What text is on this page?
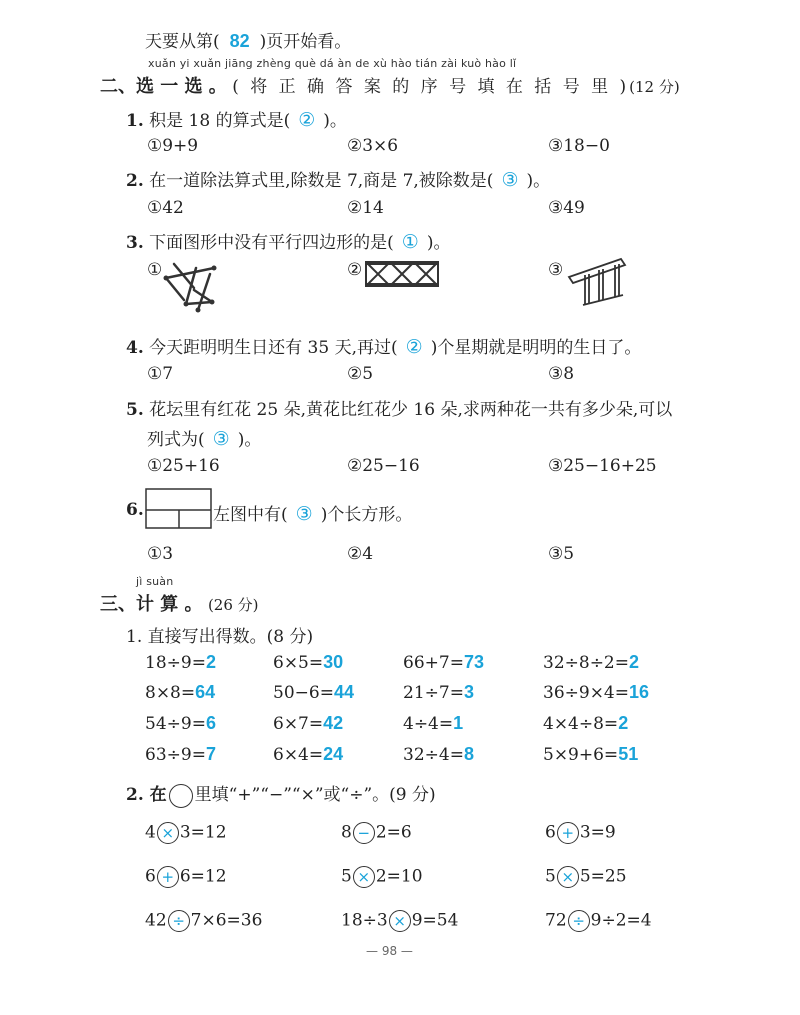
天要从第( 82 )页开始看。
xuǎn yi xuǎn jiāng zhèng què dá àn de xù hào tián zài kuò hào lǐ
二、选 一 选 。 ( 将 正 确 答 案 的 序 号 填 在 括 号 里 )(12 分)
1. 积是 18 的算式是( ② )。
①9+9	②3×6	③18−0
2. 在一道除法算式里,除数是 7,商是 7,被除数是( ③ )。
①42	②14	③49
3. 下面图形中没有平行四边形的是( ① )。
①	②	③
4. 今天距明明生日还有 35 天,再过( ② )个星期就是明明的生日了。
①7	②5	③8
5. 花坛里有红花 25 朵,黄花比红花少 16 朵,求两种花一共有多少朵,可以
列式为( ③ )。
①25+16	②25−16	③25−16+25
6.	左图中有( ③ )个长方形。
①3	②4	③5
jì suàn
三、计 算 。 (26 分)
1. 直接写出得数。(8 分)
18÷9=2	6×5=30	66+7=73	32÷8÷2=2
8×8=64	50−6=44	21÷7=3	36÷9×4=16
54÷9=6	6×7=42	4÷4=1	4×4÷8=2
63÷9=7	6×4=24	32÷4=8	5×9+6=51
2. 在 里填“+”“−”“×”或“÷”。(9 分)
4 × 3=12	8 − 2=6	6 + 3=9
6 + 6=12	5 × 2=10	5 × 5=25
42 ÷ 7×6=36	18÷3 × 9=54	72 ÷ 9÷2=4
— 98 —
